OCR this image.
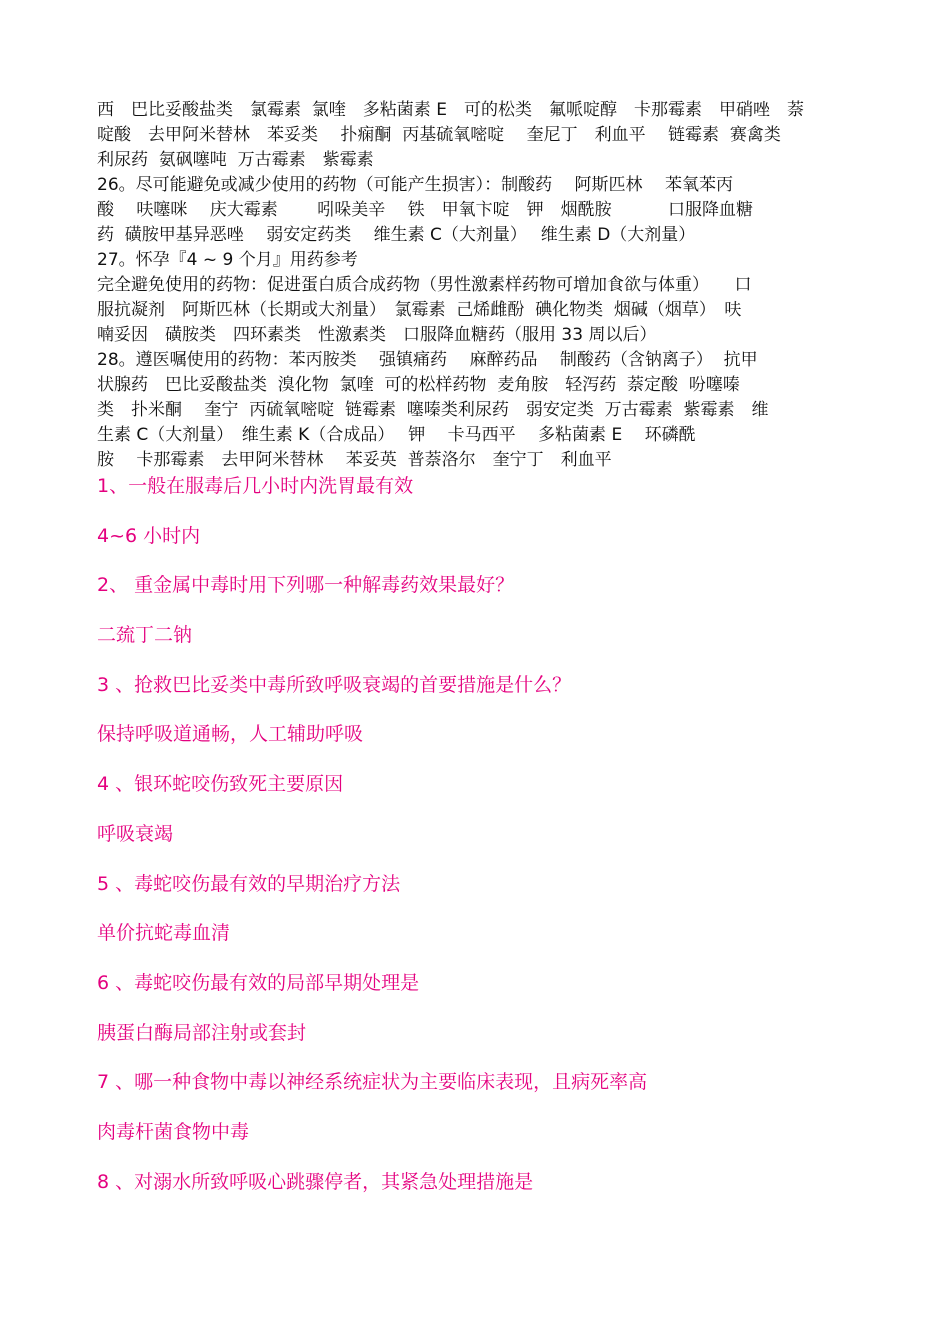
西　巴比妥酸盐类　氯霉素  氯喹　多粘菌素 E　可的松类　氟哌啶醇　卡那霉素　甲硝唑　萘

啶酸　去甲阿米替林　苯妥类　 扑痫酮  丙基硫氧嘧啶　 奎尼丁　利血平　 链霉素  赛禽类

利尿药  氨砜噻吨  万古霉素　紫霉素

26。尽可能避免或减少使用的药物（可能产生损害）：制酸药　 阿斯匹林　 苯氧苯丙

酸　 呋噻咪　 庆大霉素　　 吲哚美辛　 铁　甲氧卞啶　钾　烟酰胺　　　 口服降血糖

药  磺胺甲基异恶唑　 弱安定药类　 维生素 C（大剂量）　 维生素 D（大剂量）

27。怀孕『4 ~ 9 个月』用药参考

完全避免使用的药物：促进蛋白质合成药物（男性激素样药物可增加食欲与体重）　　口

服抗凝剂　阿斯匹林（长期或大剂量）　氯霉素  己烯雌酚  碘化物类  烟碱（烟草）　呋

喃妥因　磺胺类　四环素类　性激素类　口服降血糖药（服用 33 周以后）

28。遵医嘱使用的药物：苯丙胺类　 强镇痛药　 麻醉药品　 制酸药（含钠离子）  抗甲

状腺药　巴比妥酸盐类  溴化物  氯喹  可的松样药物  麦角胺　轻泻药  萘定酸  吩噻嗪

类　扑米酮　 奎宁  丙硫氧嘧啶  链霉素  噻嗪类利尿药　弱安定类  万古霉素  紫霉素　维

生素 C（大剂量）　维生素 K（合成品）　 钾　 卡马西平　 多粘菌素 E　 环磷酰

胺　 卡那霉素　去甲阿米替林　 苯妥英  普萘洛尔　奎宁丁　利血平

1、一般在服毒后几小时内洗胃最有效

4~6 小时内

2、 重金属中毒时用下列哪一种解毒药效果最好？

二巯丁二钠

3 、抢救巴比妥类中毒所致呼吸衰竭的首要措施是什么？

保持呼吸道通畅，人工辅助呼吸

4 、银环蛇咬伤致死主要原因

呼吸衰竭

5 、毒蛇咬伤最有效的早期治疗方法

单价抗蛇毒血清

6 、毒蛇咬伤最有效的局部早期处理是

胰蛋白酶局部注射或套封

7 、哪一种食物中毒以神经系统症状为主要临床表现，且病死率高

肉毒杆菌食物中毒

8 、对溺水所致呼吸心跳骤停者，其紧急处理措施是
